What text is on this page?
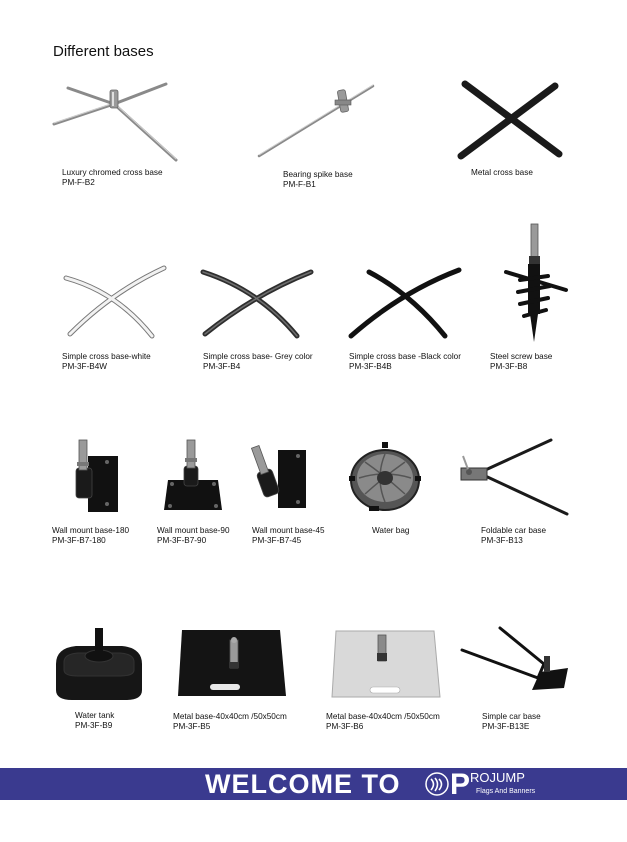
Different bases
Luxury chromed cross base
PM-F-B2
Bearing spike base
PM-F-B1
Metal cross base
Simple cross base-white
PM-3F-B4W
Simple cross base- Grey color
PM-3F-B4
Simple cross base -Black color
PM-3F-B4B
Steel screw base
PM-3F-B8
Wall mount base-180
PM-3F-B7-180
Wall mount base-90
PM-3F-B7-90
Wall mount base-45
PM-3F-B7-45
Water bag	Foldable car base
PM-3F-B13
Water tank
PM-3F-B9
Metal base-40x40cm /50x50cm
PM-3F-B5
Metal base-40x40cm /50x50cm
PM-3F-B6
Simple car base
PM-3F-B13E
WELCOME TO $P^{ROJUMP}$
Flags And Banners
